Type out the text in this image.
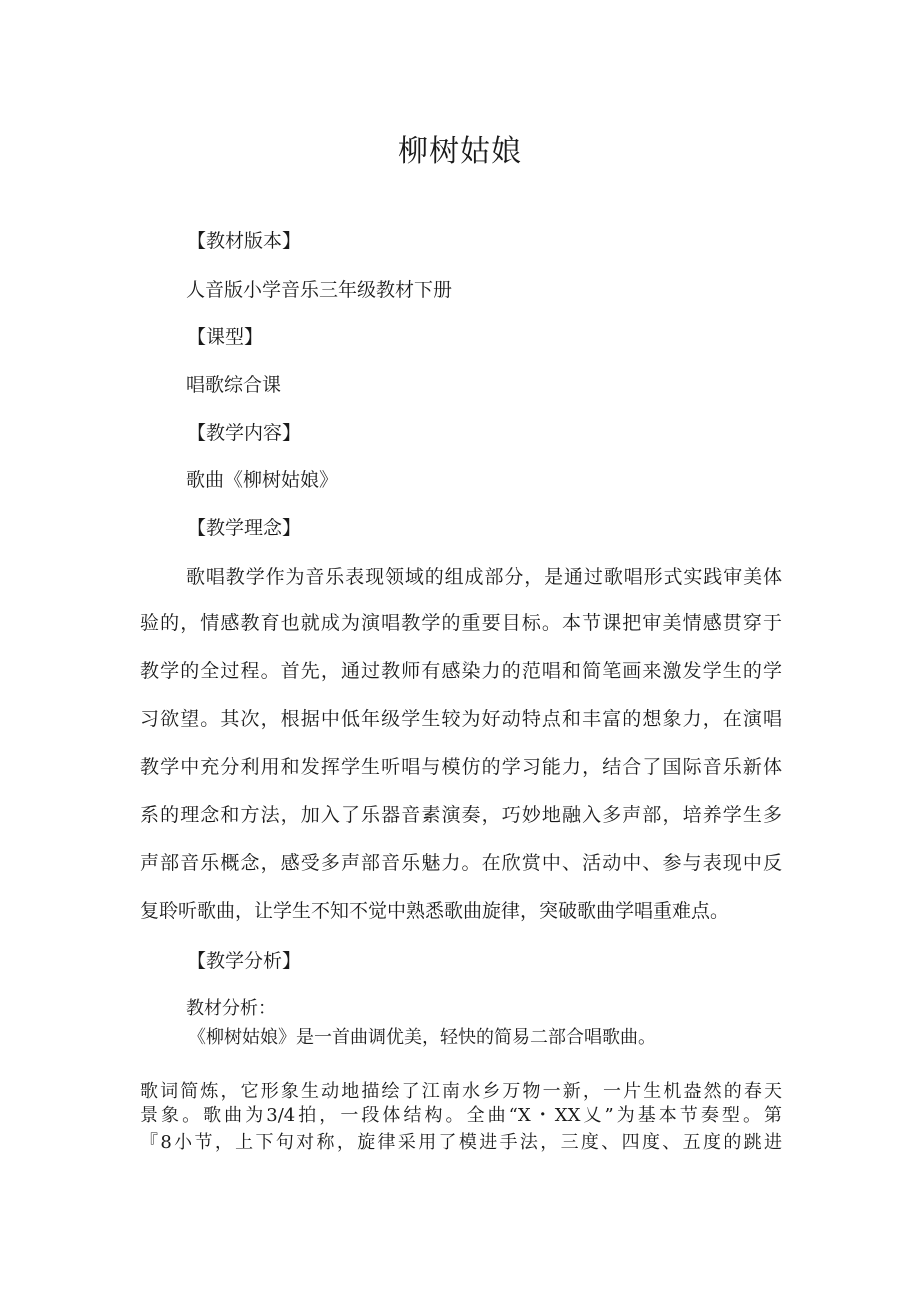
柳树姑娘

【教材版本】

人音版小学音乐三年级教材下册

【课型】

唱歌综合课

【教学内容】

歌曲《柳树姑娘》

【教学理念】

歌唱教学作为音乐表现领域的组成部分，是通过歌唱形式实践审美体

验的，情感教育也就成为演唱教学的重要目标。本节课把审美情感贯穿于

教学的全过程。首先，通过教师有感染力的范唱和简笔画来激发学生的学

习欲望。其次，根据中低年级学生较为好动特点和丰富的想象力，在演唱

教学中充分利用和发挥学生听唱与模仿的学习能力，结合了国际音乐新体

系的理念和方法，加入了乐器音素演奏，巧妙地融入多声部，培养学生多

声部音乐概念，感受多声部音乐魅力。在欣赏中、活动中、参与表现中反

复聆听歌曲，让学生不知不觉中熟悉歌曲旋律，突破歌曲学唱重难点。

【教学分析】

教材分析：

《柳树姑娘》是一首曲调优美，轻快的简易二部合唱歌曲。

歌词简炼，它形象生动地描绘了江南水乡万物一新，一片生机盎然的春天

景象。歌曲为3/4拍，一段体结构。全曲“X・XX乂”为基本节奏型。第

『8小节，上下句对称，旋律采用了模进手法，三度、四度、五度的跳进
